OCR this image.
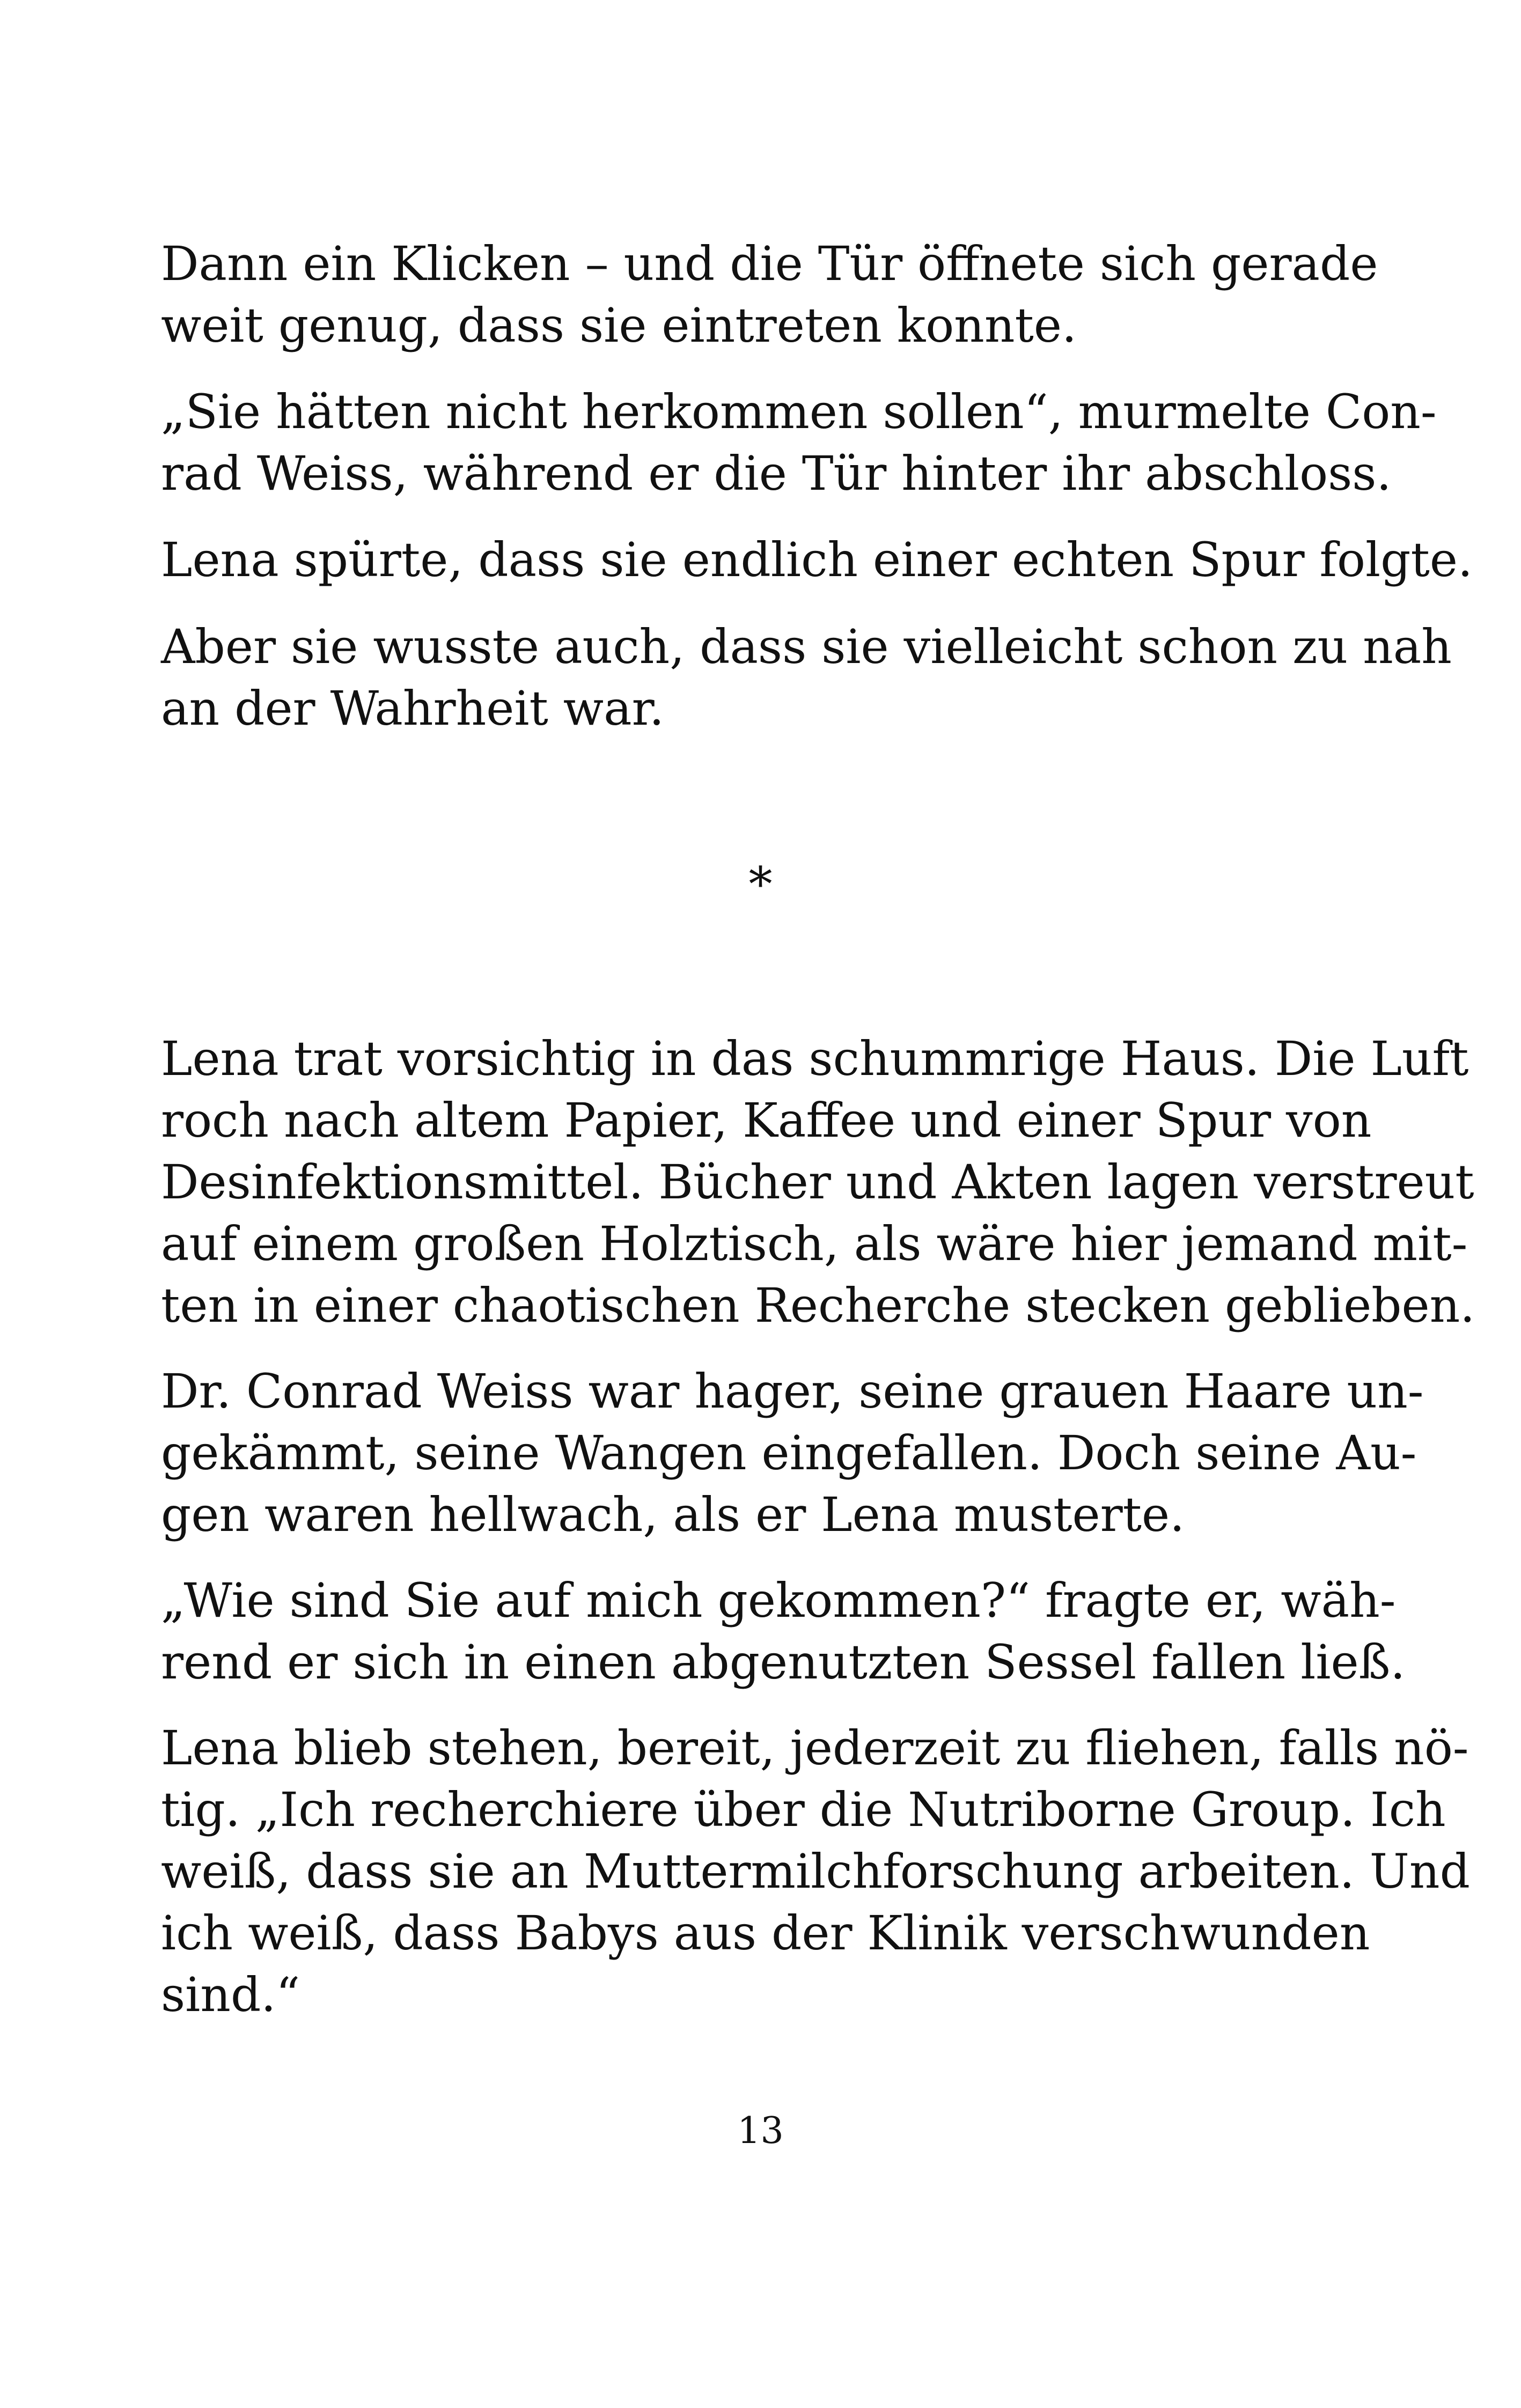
Dann ein Klicken – und die Tür öffnete sich gerade

weit genug, dass sie eintreten konnte.

„Sie hätten nicht herkommen sollen“, murmelte Con-

rad Weiss, während er die Tür hinter ihr abschloss.

Lena spürte, dass sie endlich einer echten Spur folgte.

Aber sie wusste auch, dass sie vielleicht schon zu nah

an der Wahrheit war.

*

Lena trat vorsichtig in das schummrige Haus. Die Luft

roch nach altem Papier, Kaffee und einer Spur von

Desinfektionsmittel. Bücher und Akten lagen verstreut

auf einem großen Holztisch, als wäre hier jemand mit-

ten in einer chaotischen Recherche stecken geblieben.

Dr. Conrad Weiss war hager, seine grauen Haare un-

gekämmt, seine Wangen eingefallen. Doch seine Au-

gen waren hellwach, als er Lena musterte.

„Wie sind Sie auf mich gekommen?“ fragte er, wäh-

rend er sich in einen abgenutzten Sessel fallen ließ.

Lena blieb stehen, bereit, jederzeit zu fliehen, falls nö-

tig. „Ich recherchiere über die Nutriborne Group. Ich

weiß, dass sie an Muttermilchforschung arbeiten. Und

ich weiß, dass Babys aus der Klinik verschwunden

sind.“

13
